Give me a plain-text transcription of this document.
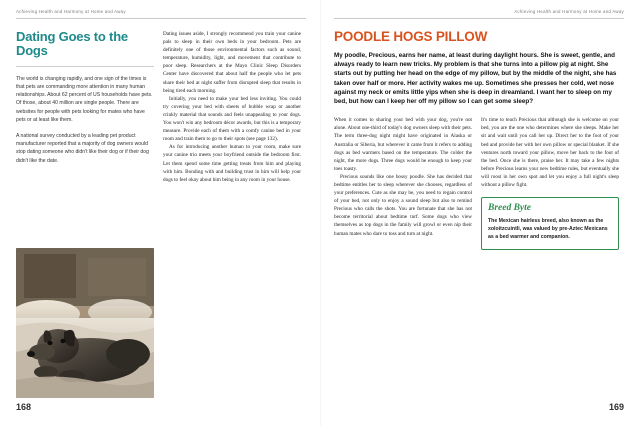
Achieving Health and Harmony at Home and Away
Dating Goes to the Dogs

The world is changing rapidly, and one sign of the times is that pets are commanding more attention in many human relationships. About 62 percent of US households have pets. Of those, about 40 million are single people. There are websites for people with pets looking for mates who have pets or at least like them.

A national survey conducted by a leading pet product manufacturer reported that a majority of dog owners would stop dating someone who didn't like their dog or if their dog didn't like the date.

Dating issues aside, I strongly recommend you train your canine pals to sleep in their own beds in your bedroom. Pets are definitely one of those environmental factors such as sound, temperature, humidity, light, and movement that contribute to poor sleep. Researchers at the Mayo Clinic Sleep Disorders Center have discovered that about half the people who let pets share their bed at night suffer from disrupted sleep that results in being tired each morning.

Initially, you need to make your bed less inviting. You could try covering your bed with sheets of bubble wrap or another crinkly material that sounds and feels unappealing to your dogs. You won't win any bedroom décor awards, but this is a temporary measure. Provide each of them with a comfy canine bed in your room and train them to go to their spots (see page 132).

As for introducing another human to your room, make sure your canine trio meets your boyfriend outside the bedroom first. Let them spend some time getting treats from him and playing with him. Bonding with and building trust in him will help your dogs to feel okay about him being in any room in your house.

168
Achieving Health and Harmony at Home and Away
POODLE HOGS PILLOW

My poodle, Precious, earns her name, at least during daylight hours. She is sweet, gentle, and always ready to learn new tricks. My problem is that she turns into a pillow pig at night. She starts out by putting her head on the edge of my pillow, but by the middle of the night, she has taken over half or more. Her activity wakes me up. Sometimes she presses her cold, wet nose against my neck or emits little yips when she is deep in dreamland. I want her to sleep on my bed, but how can I keep her off my pillow so I can get some sleep?

When it comes to sharing your bed with your dog, you're not alone. About one-third of today's dog owners sleep with their pets. The term three-dog night might have originated in Alaska or Australia or Siberia, but wherever it came from it refers to adding dogs as bed warmers based on the temperature. The colder the night, the more dogs. Three dogs would be enough to keep your toes toasty.

Precious sounds like one bossy poodle. She has decided that bedtime entitles her to sleep wherever she chooses, regardless of your preferences. Cute as she may be, you need to regain control of your bed, not only to enjoy a sound sleep but also to remind Precious who calls the shots. You are fortunate that she has not become territorial about bedtime turf. Some dogs who view themselves as top dogs in the family will growl or even nip their human mates who dare to toss and turn at night.

It's time to teach Precious that although she is welcome on your bed, you are the one who determines where she sleeps. Make her sit and wait until you call her up. Direct her to the foot of your bed and provide her with her own pillow or special blanket. If she ventures north toward your pillow, move her back to the foot of the bed. Once she is there, praise her. It may take a few nights before Precious learns your new bedtime rules, but eventually she will roost in her own spot and let you enjoy a full night's sleep without a pillow fight.

Breed Byte

The Mexican hairless breed, also known as the xoloitzcuintli, was valued by pre-Aztec Mexicans as a bed warmer and companion.

169
